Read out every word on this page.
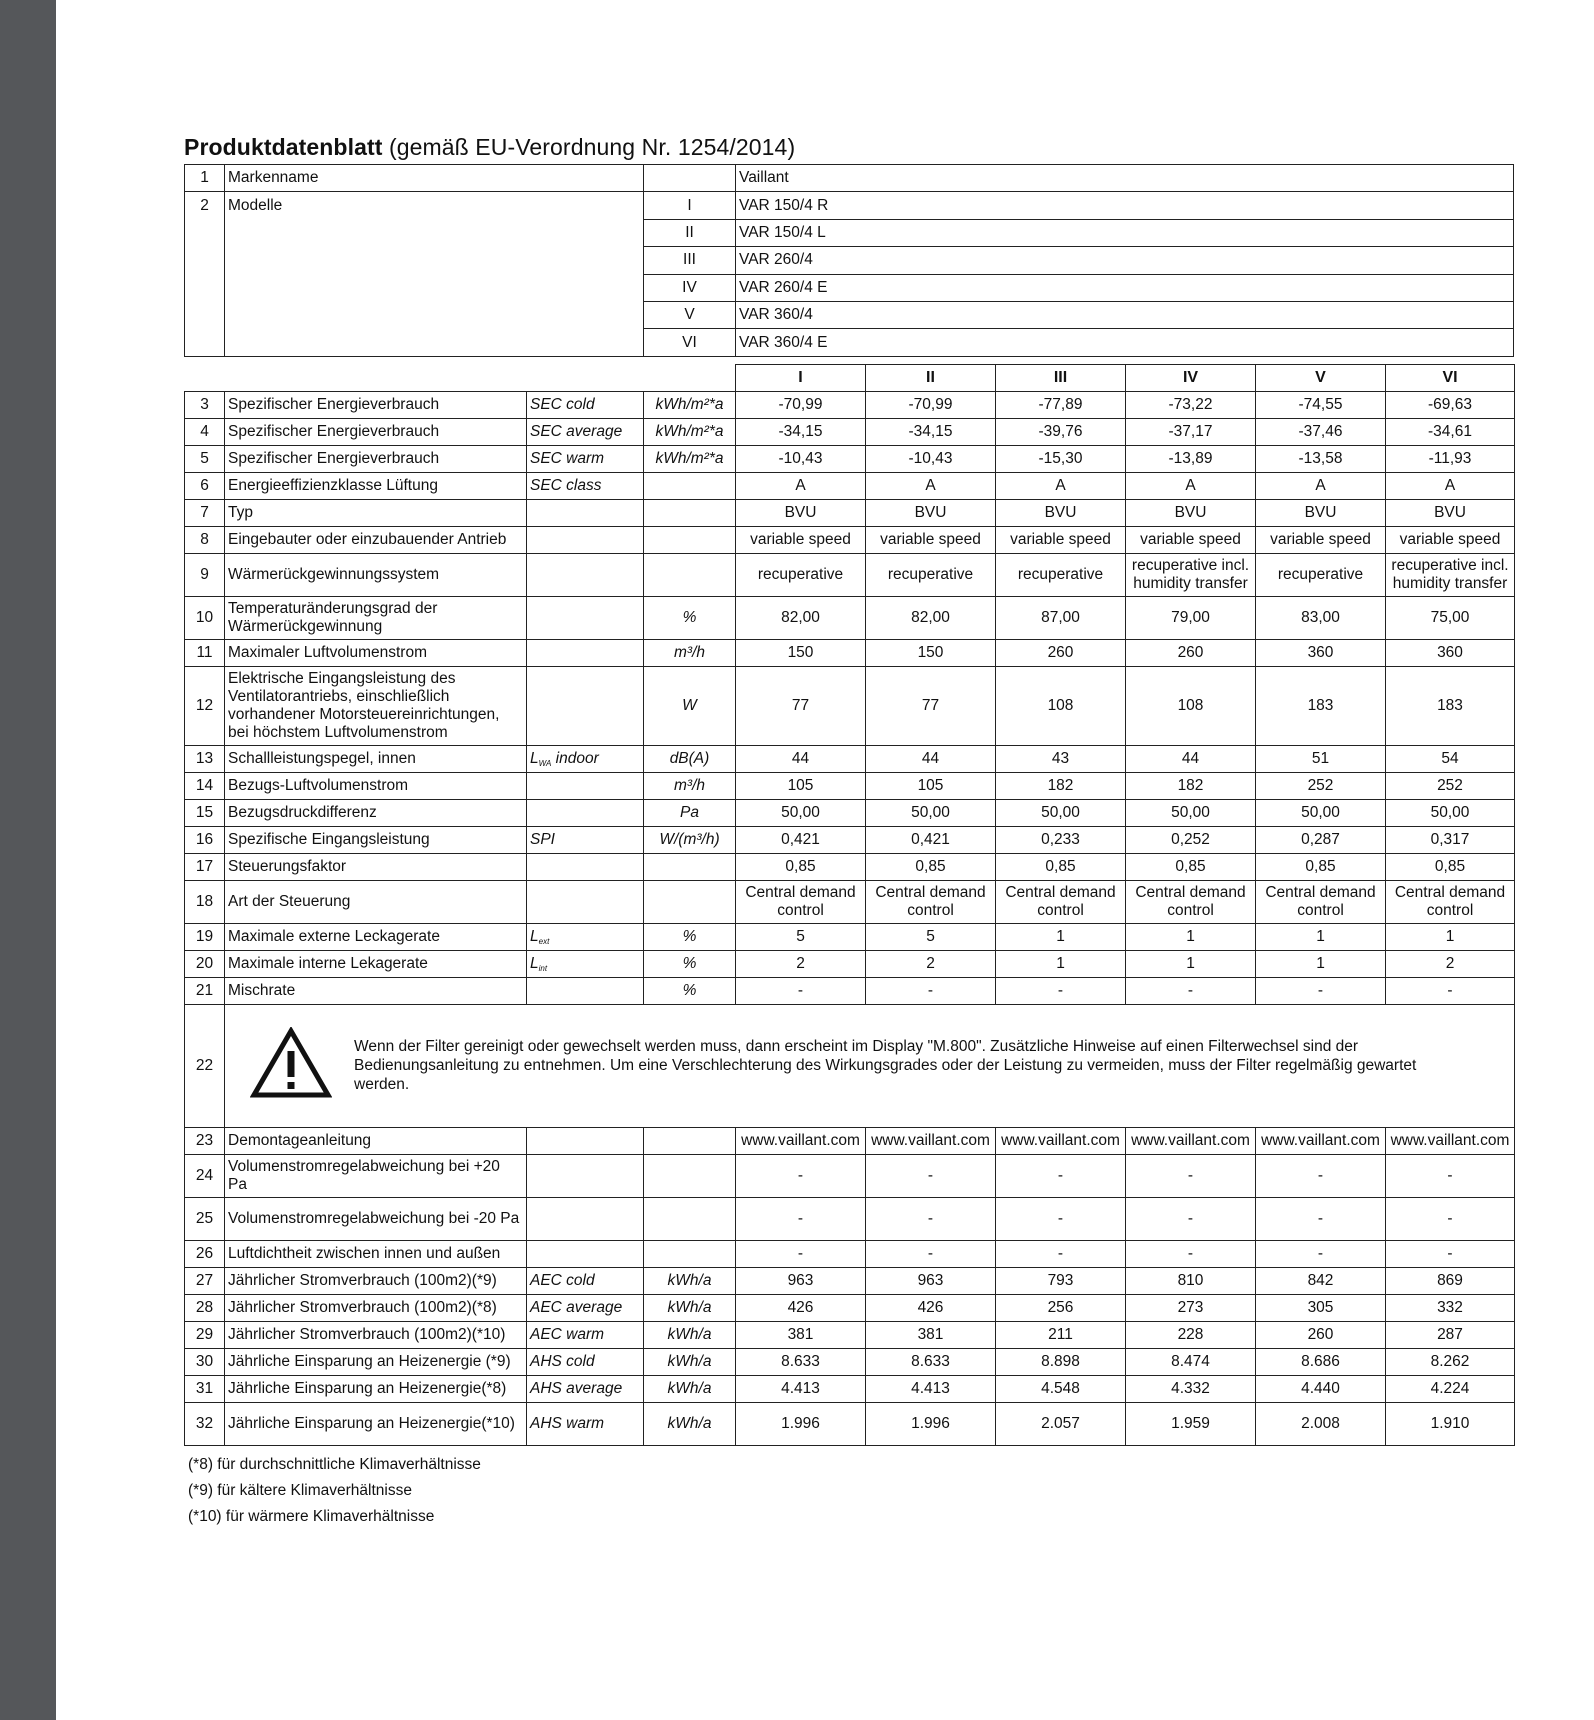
Produktdatenblatt (gemäß EU-Verordnung Nr. 1254/2014)
1	Markenname		Vaillant
2	Modelle	I	VAR 150/4 R
		II	VAR 150/4 L
		III	VAR 260/4
		IV	VAR 260/4 E
		V	VAR 360/4
		VI	VAR 360/4 E
				I	II	III	IV	V	VI
3	Spezifischer Energieverbrauch	SEC cold	kWh/m²*a	-70,99	-70,99	-77,89	-73,22	-74,55	-69,63
4	Spezifischer Energieverbrauch	SEC average	kWh/m²*a	-34,15	-34,15	-39,76	-37,17	-37,46	-34,61
5	Spezifischer Energieverbrauch	SEC warm	kWh/m²*a	-10,43	-10,43	-15,30	-13,89	-13,58	-11,93
6	Energieeffizienzklasse Lüftung	SEC class		A	A	A	A	A	A
7	Typ			BVU	BVU	BVU	BVU	BVU	BVU
8	Eingebauter oder einzubauender Antrieb			variable speed	variable speed	variable speed	variable speed	variable speed	variable speed
9	Wärmerückgewinnungssystem			recuperative	recuperative	recuperative	recuperative incl. humidity transfer	recuperative	recuperative incl. humidity transfer
10	Temperaturänderungsgrad der Wärmerückgewinnung		%	82,00	82,00	87,00	79,00	83,00	75,00
11	Maximaler Luftvolumenstrom		m³/h	150	150	260	260	360	360
12	Elektrische Eingangsleistung des Ventilatorantriebs, einschließlich vorhandener Motorsteuereinrichtungen, bei höchstem Luftvolumenstrom		W	77	77	108	108	183	183
13	Schallleistungspegel, innen	$L_{WA}$ indoor	dB(A)	44	44	43	44	51	54
14	Bezugs-Luftvolumenstrom		m³/h	105	105	182	182	252	252
15	Bezugsdruckdifferenz		Pa	50,00	50,00	50,00	50,00	50,00	50,00
16	Spezifische Eingangsleistung	SPI	W/(m³/h)	0,421	0,421	0,233	0,252	0,287	0,317
17	Steuerungsfaktor			0,85	0,85	0,85	0,85	0,85	0,85
18	Art der Steuerung			Central demand control	Central demand control	Central demand control	Central demand control	Central demand control	Central demand control
19	Maximale externe Leckagerate	$L_{ext}$	%	5	5	1	1	1	1
20	Maximale interne Lekagerate	$L_{int}$	%	2	2	1	1	1	2
21	Mischrate		%	-	-	-	-	-	-
22	Wenn der Filter gereinigt oder gewechselt werden muss, dann erscheint im Display "M.800". Zusätzliche Hinweise auf einen Filterwechsel sind der Bedienungsanleitung zu entnehmen. Um eine Verschlechterung des Wirkungsgrades oder der Leistung zu vermeiden, muss der Filter regelmäßig gewartet werden.								

23	Demontageanleitung			www.vaillant.com	www.vaillant.com	www.vaillant.com	www.vaillant.com	www.vaillant.com	www.vaillant.com
24	Volumenstromregelabweichung bei +20 Pa			-	-	-	-	-	-
25	Volumenstromregelabweichung bei -20 Pa			-	-	-	-	-	-
26	Luftdichtheit zwischen innen und außen			-	-	-	-	-	-
27	Jährlicher Stromverbrauch (100m2)(*9)	AEC cold	kWh/a	963	963	793	810	842	869
28	Jährlicher Stromverbrauch (100m2)(*8)	AEC average	kWh/a	426	426	256	273	305	332
29	Jährlicher Stromverbrauch (100m2)(*10)	AEC warm	kWh/a	381	381	211	228	260	287
30	Jährliche Einsparung an Heizenergie (*9)	AHS cold	kWh/a	8.633	8.633	8.898	8.474	8.686	8.262
31	Jährliche Einsparung an Heizenergie(*8)	AHS average	kWh/a	4.413	4.413	4.548	4.332	4.440	4.224
32	Jährliche Einsparung an Heizenergie(*10)	AHS warm	kWh/a	1.996	1.996	2.057	1.959	2.008	1.910
(*8) für durchschnittliche Klimaverhältnisse
(*9) für kältere Klimaverhältnisse
(*10) für wärmere Klimaverhältnisse
